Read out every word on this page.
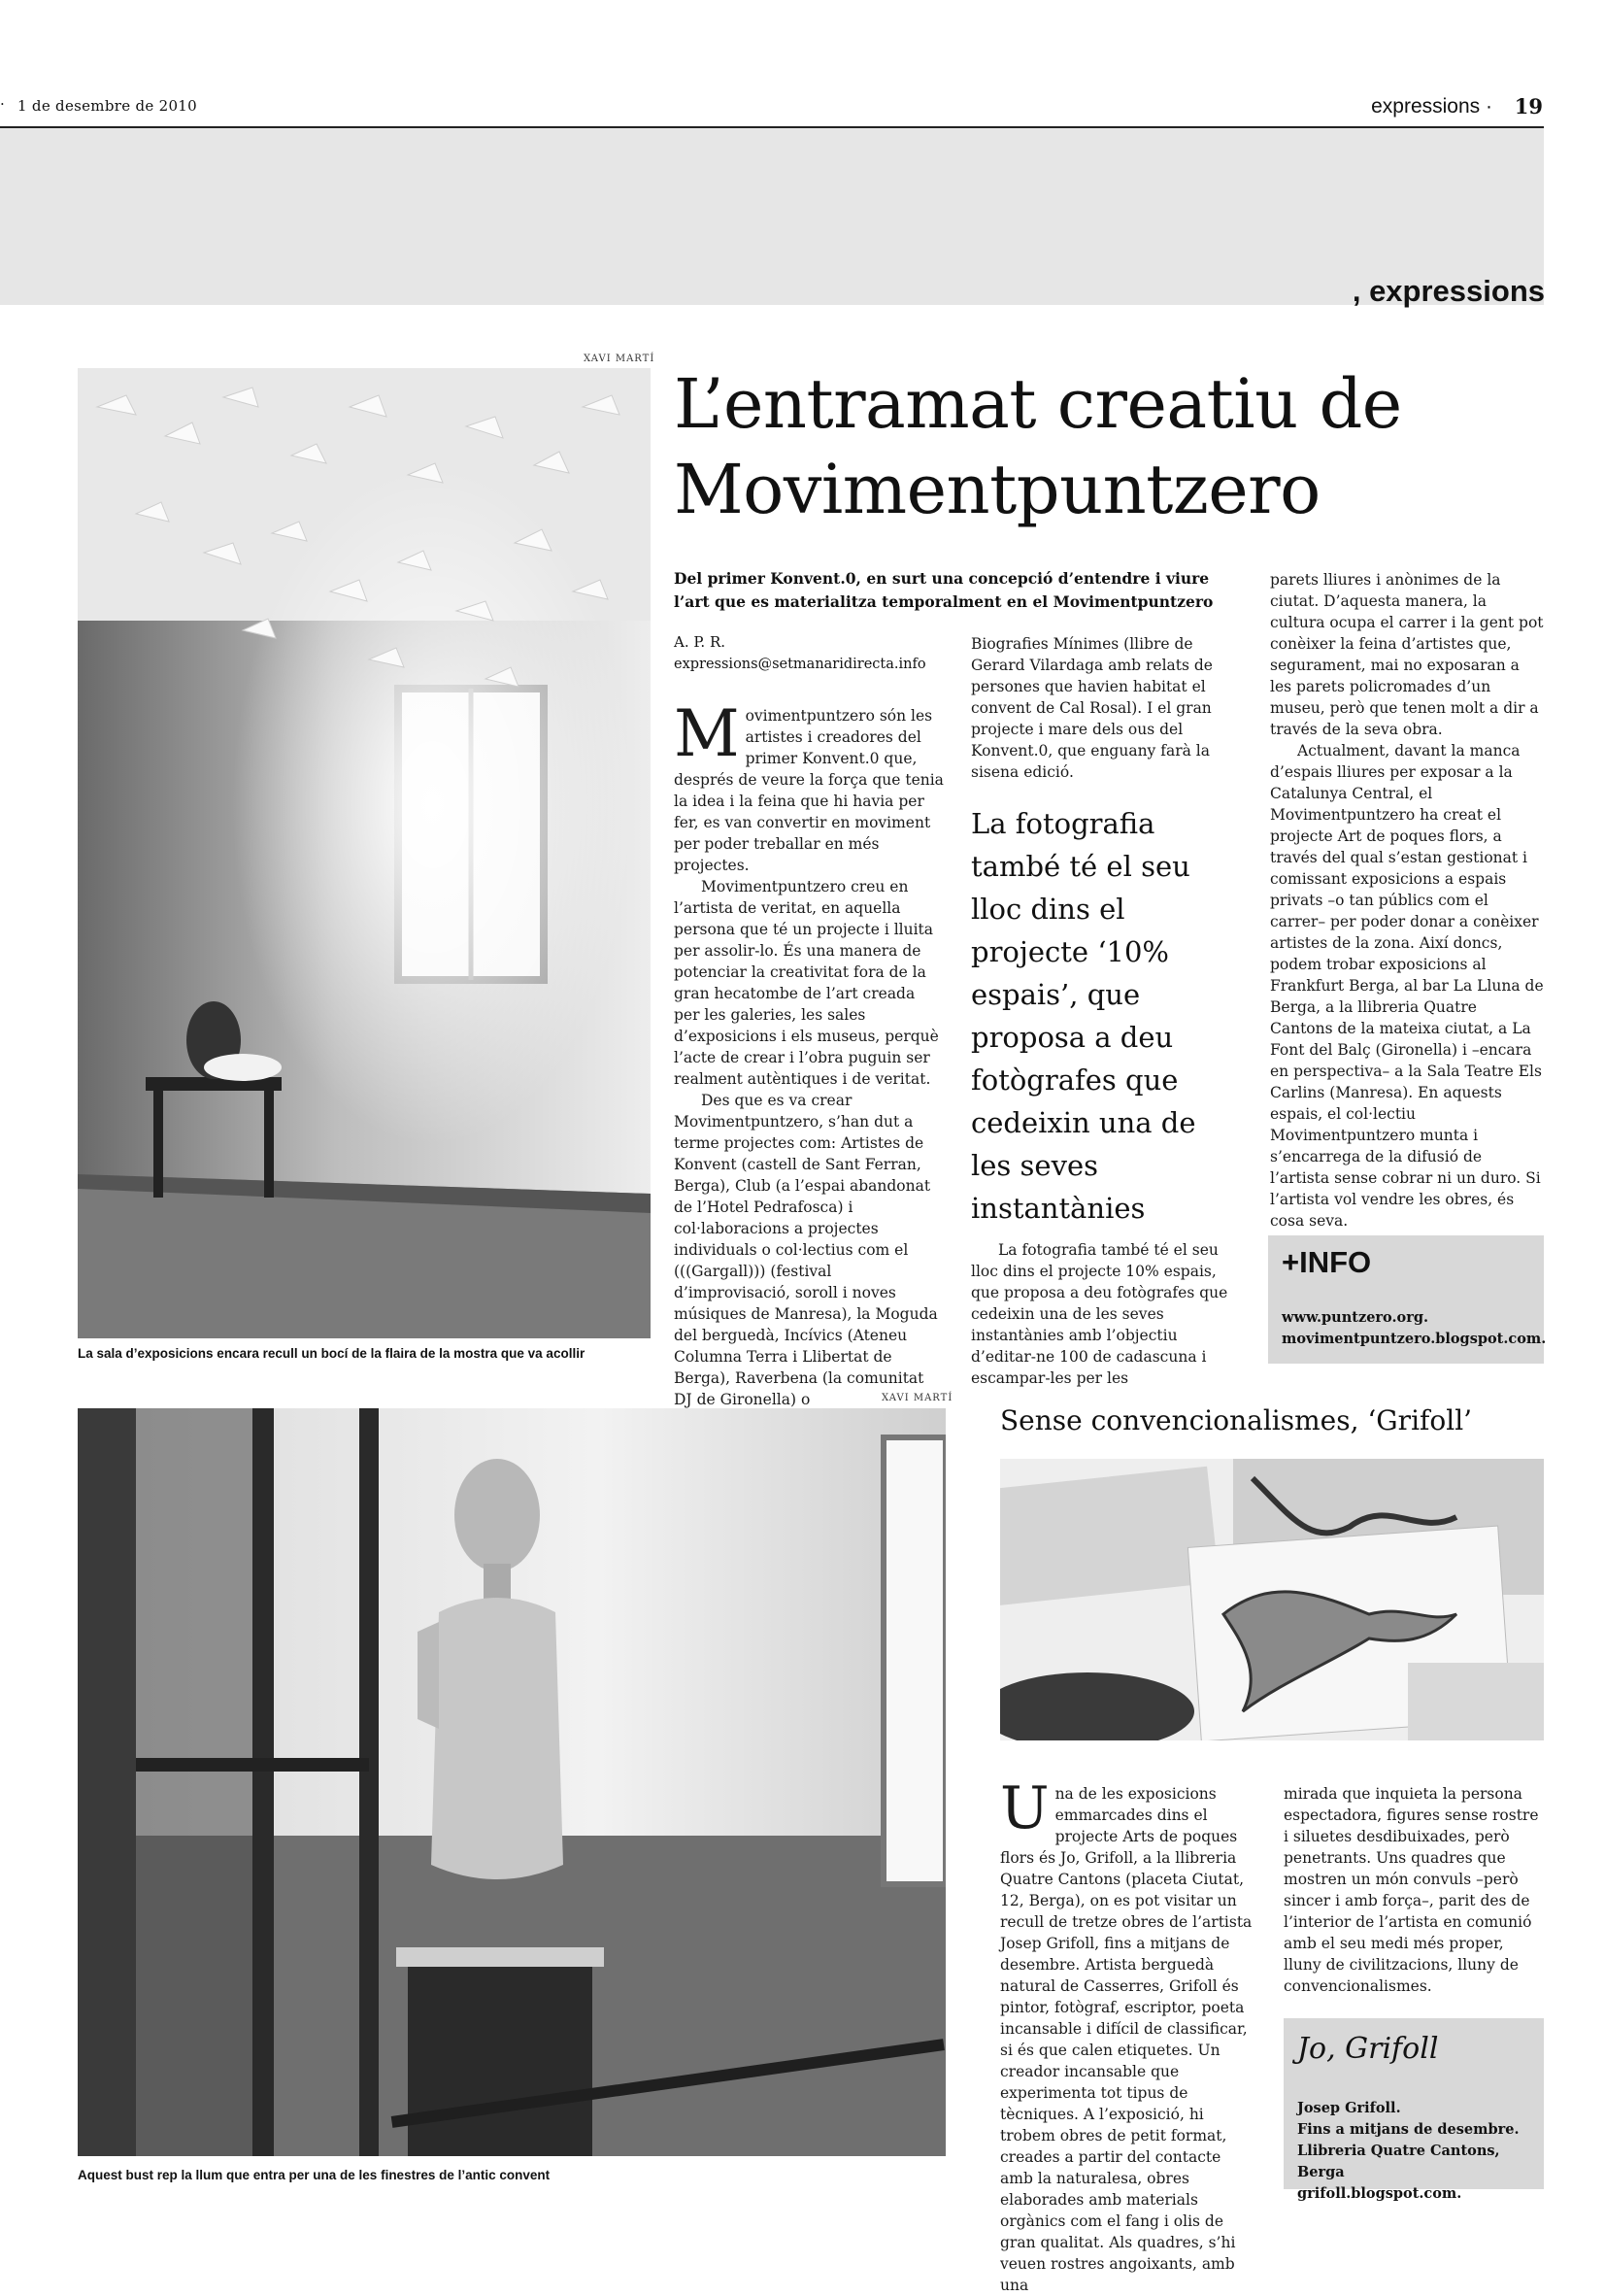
· 1 de desembre de 2010	expressions · 19
, expressions
XAVI MARTÍ
La sala d’exposicions encara recull un bocí de la flaira de la mostra que va acollir
L’entramat creatiu de
Movimentpuntzero
Del primer Konvent.0, en surt una concepció d’entendre i viure l’art que es materialitza temporalment en el Movimentpuntzero
A. P. R.
expressions@setmanaridirecta.info

Movimentpuntzero són les artistes i creadores del primer Konvent.0 que, després de veure la força que tenia la idea i la feina que hi havia per fer, es van convertir en moviment per poder treballar en més projectes.

Movimentpuntzero creu en l’artista de veritat, en aquella persona que té un projecte i lluita per assolir-lo. És una manera de potenciar la creativitat fora de la gran hecatombe de l’art creada per les galeries, les sales d’exposicions i els museus, perquè l’acte de crear i l’obra puguin ser realment autèntiques i de veritat.

Des que es va crear Movimentpuntzero, s’han dut a terme projectes com: Artistes de Konvent (castell de Sant Ferran, Berga), Club (a l’espai abandonat de l’Hotel Pedrafosca) i col·laboracions a projectes individuals o col·lectius com el (((Gargall))) (festival d’improvisació, soroll i noves músiques de Manresa), la Moguda del berguedà, Incívics (Ateneu Columna Terra i Llibertat de Berga), Raverbena (la comunitat DJ de Gironella) o

Biografies Mínimes (llibre de Gerard Vilardaga amb relats de persones que havien habitat el convent de Cal Rosal). I el gran projecte i mare dels ous del Konvent.0, que enguany farà la sisena edició.

La fotografia també té el seu lloc dins el projecte ‘10% espais’, que proposa a deu fotògrafes que cedeixin una de les seves instantànies

La fotografia també té el seu lloc dins el projecte 10% espais, que proposa a deu fotògrafes que cedeixin una de les seves instantànies amb l’objectiu d’editar-ne 100 de cadascuna i escampar-les per les

parets lliures i anònimes de la ciutat. D’aquesta manera, la cultura ocupa el carrer i la gent pot conèixer la feina d’artistes que, segurament, mai no exposaran a les parets policromades d’un museu, però que tenen molt a dir a través de la seva obra.

Actualment, davant la manca d’espais lliures per exposar a la Catalunya Central, el Movimentpuntzero ha creat el projecte Art de poques flors, a través del qual s’estan gestionat i comissant exposicions a espais privats –o tan públics com el carrer– per poder donar a conèixer artistes de la zona. Així doncs, podem trobar exposicions al Frankfurt Berga, al bar La Lluna de Berga, a la llibreria Quatre Cantons de la mateixa ciutat, a La Font del Balç (Gironella) i –encara en perspectiva– a la Sala Teatre Els Carlins (Manresa). En aquests espais, el col·lectiu Movimentpuntzero munta i s’encarrega de la difusió de l’artista sense cobrar ni un duro. Si l’artista vol vendre les obres, és cosa seva.

+INFO
www.puntzero.org.
movimentpuntzero.blogspot.com.
XAVI MARTÍ
Aquest bust rep la llum que entra per una de les finestres de l’antic convent
Sense convencionalismes, ‘Grifoll’

Una de les exposicions emmarcades dins el projecte Arts de poques flors és Jo, Grifoll, a la llibreria Quatre Cantons (placeta Ciutat, 12, Berga), on es pot visitar un recull de tretze obres de l’artista Josep Grifoll, fins a mitjans de desembre. Artista berguedà natural de Casserres, Grifoll és pintor, fotògraf, escriptor, poeta incansable i difícil de classificar, si és que calen etiquetes. Un creador incansable que experimenta tot tipus de tècniques. A l’exposició, hi trobem obres de petit format, creades a partir del contacte amb la naturalesa, obres elaborades amb materials orgànics com el fang i olis de gran qualitat. Als quadres, s’hi veuen rostres angoixants, amb una

mirada que inquieta la persona espectadora, figures sense rostre i siluetes desdibuixades, però penetrants. Uns quadres que mostren un món convuls –però sincer i amb força–, parit des de l’interior de l’artista en comunió amb el seu medi més proper, lluny de civilitzacions, lluny de convencionalismes.

Jo, Grifoll
Josep Grifoll.
Fins a mitjans de desembre.
Llibreria Quatre Cantons, Berga
grifoll.blogspot.com.
